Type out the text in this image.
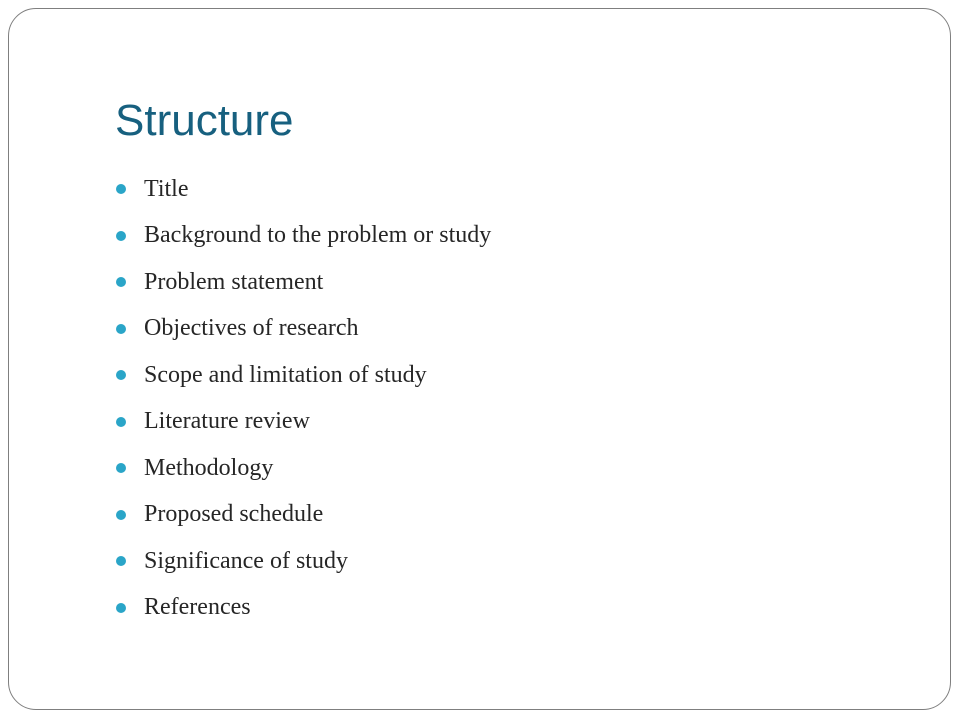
Structure
Title
Background to the problem or study
Problem statement
Objectives of research
Scope and limitation of study
Literature review
Methodology
Proposed schedule
Significance of study
References
